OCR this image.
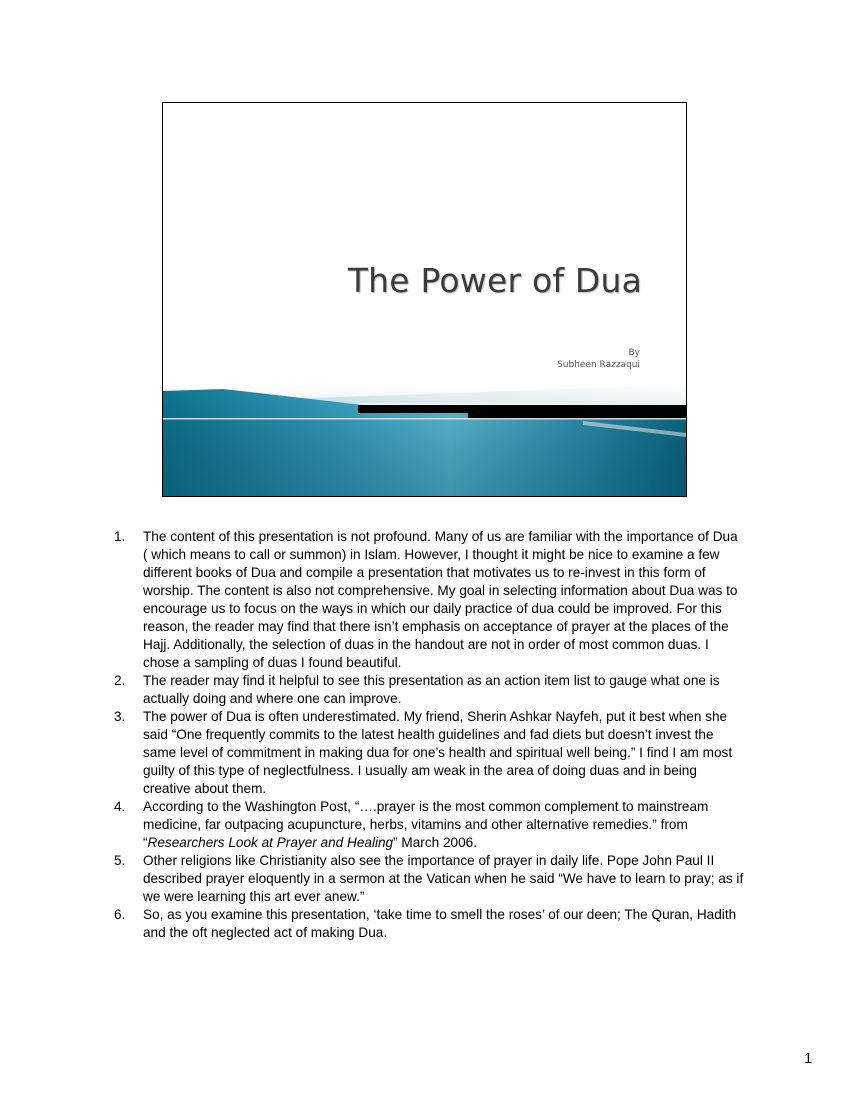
The Power of Dua
By
Subheen Razzaqui
1. The content of this presentation is not profound. Many of us are familiar with the importance of Dua ( which means to call or summon) in Islam. However, I thought it might be nice to examine a few different books of Dua and compile a presentation that motivates us to re-invest in this form of worship. The content is also not comprehensive. My goal in selecting information about Dua was to encourage us to focus on the ways in which our daily practice of dua could be improved. For this reason, the reader may find that there isn’t emphasis on acceptance of prayer at the places of the Hajj. Additionally, the selection of duas in the handout are not in order of most common duas. I chose a sampling of duas I found beautiful.
2. The reader may find it helpful to see this presentation as an action item list to gauge what one is actually doing and where one can improve.
3. The power of Dua is often underestimated. My friend, Sherin Ashkar Nayfeh, put it best when she said “One frequently commits to the latest health guidelines and fad diets but doesn’t invest the same level of commitment in making dua for one’s health and spiritual well being.” I find I am most guilty of this type of neglectfulness. I usually am weak in the area of doing duas and in being creative about them.
4. According to the Washington Post, “….prayer is the most common complement to mainstream medicine, far outpacing acupuncture, herbs, vitamins and other alternative remedies.” from “Researchers Look at Prayer and Healing” March 2006.
5. Other religions like Christianity also see the importance of prayer in daily life. Pope John Paul II described prayer eloquently in a sermon at the Vatican when he said “We have to learn to pray; as if we were learning this art ever anew.”
6. So, as you examine this presentation, ‘take time to smell the roses’ of our deen; The Quran, Hadith and the oft neglected act of making Dua.
1
